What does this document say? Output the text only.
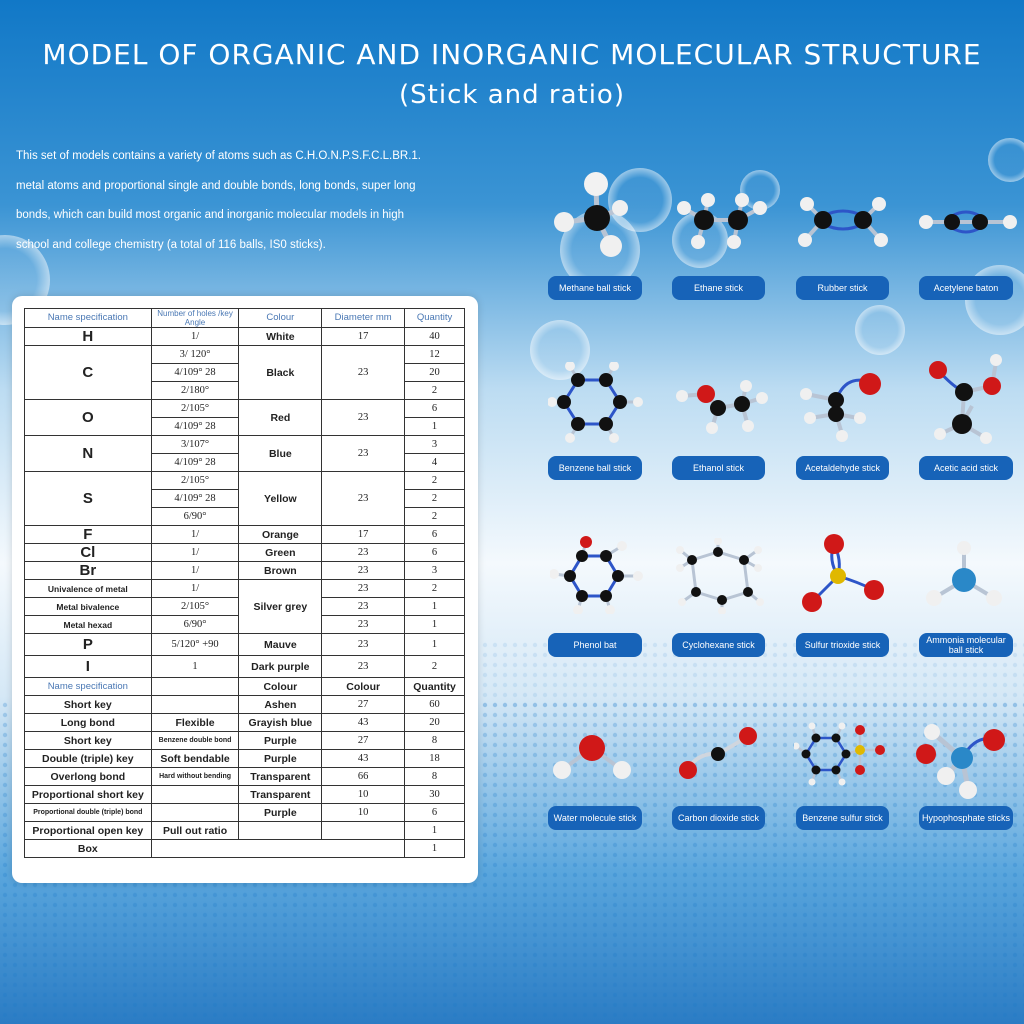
MODEL OF ORGANIC AND INORGANIC MOLECULAR STRUCTURE
(Stick and ratio)
This set of models contains a variety of atoms such as C.H.O.N.P.S.F.C.L.BR.1.
metal atoms and proportional single and double bonds, long bonds, super long
bonds, which can build most organic and inorganic molecular models in high
school and college chemistry (a total of 116 balls, IS0 sticks).
Name specification	Number of holes /key Angle	Colour	Diameter mm	Quantity
H	1/	White	17	40
C	3/ 120°	Black	23	12
	4/109° 28			20
	2/180°			2
O	2/105°	Red	23	6
	4/109° 28			1
N	3/107°	Blue	23	3
	4/109° 28			4
S	2/105°	Yellow	23	2
	4/109° 28			2
	6/90°			2
F	1/	Orange	17	6
Cl	1/	Green	23	6
Br	1/	Brown	23	3
Univalence of metal	1/	Silver grey	23	2
Metal bivalence	2/105°		23	1
Metal hexad	6/90°		23	1
P	5/120° +90	Mauve	23	1
I	1	Dark purple	23	2
Name specification		Colour	Colour	Quantity
Short key		Ashen	27	60
Long bond	Flexible	Grayish blue	43	20
Short key	Benzene double bond	Purple	27	8
Double (triple) key	Soft bendable	Purple	43	18
Overlong bond	Hard without bending	Transparent	66	8
Proportional short key		Transparent	10	30
Proportional double (triple) bond		Purple	10	6
Proportional open key	Pull out ratio			1
Box				1
Methane ball stick	Ethane stick	Rubber stick	Acetylene baton
Benzene ball stick	Ethanol stick	Acetaldehyde stick	Acetic acid stick
Phenol bat	Cyclohexane stick	Sulfur trioxide stick	Ammonia molecular ball stick
Water molecule stick	Carbon dioxide stick	Benzene sulfur stick	Hypophosphate sticks
